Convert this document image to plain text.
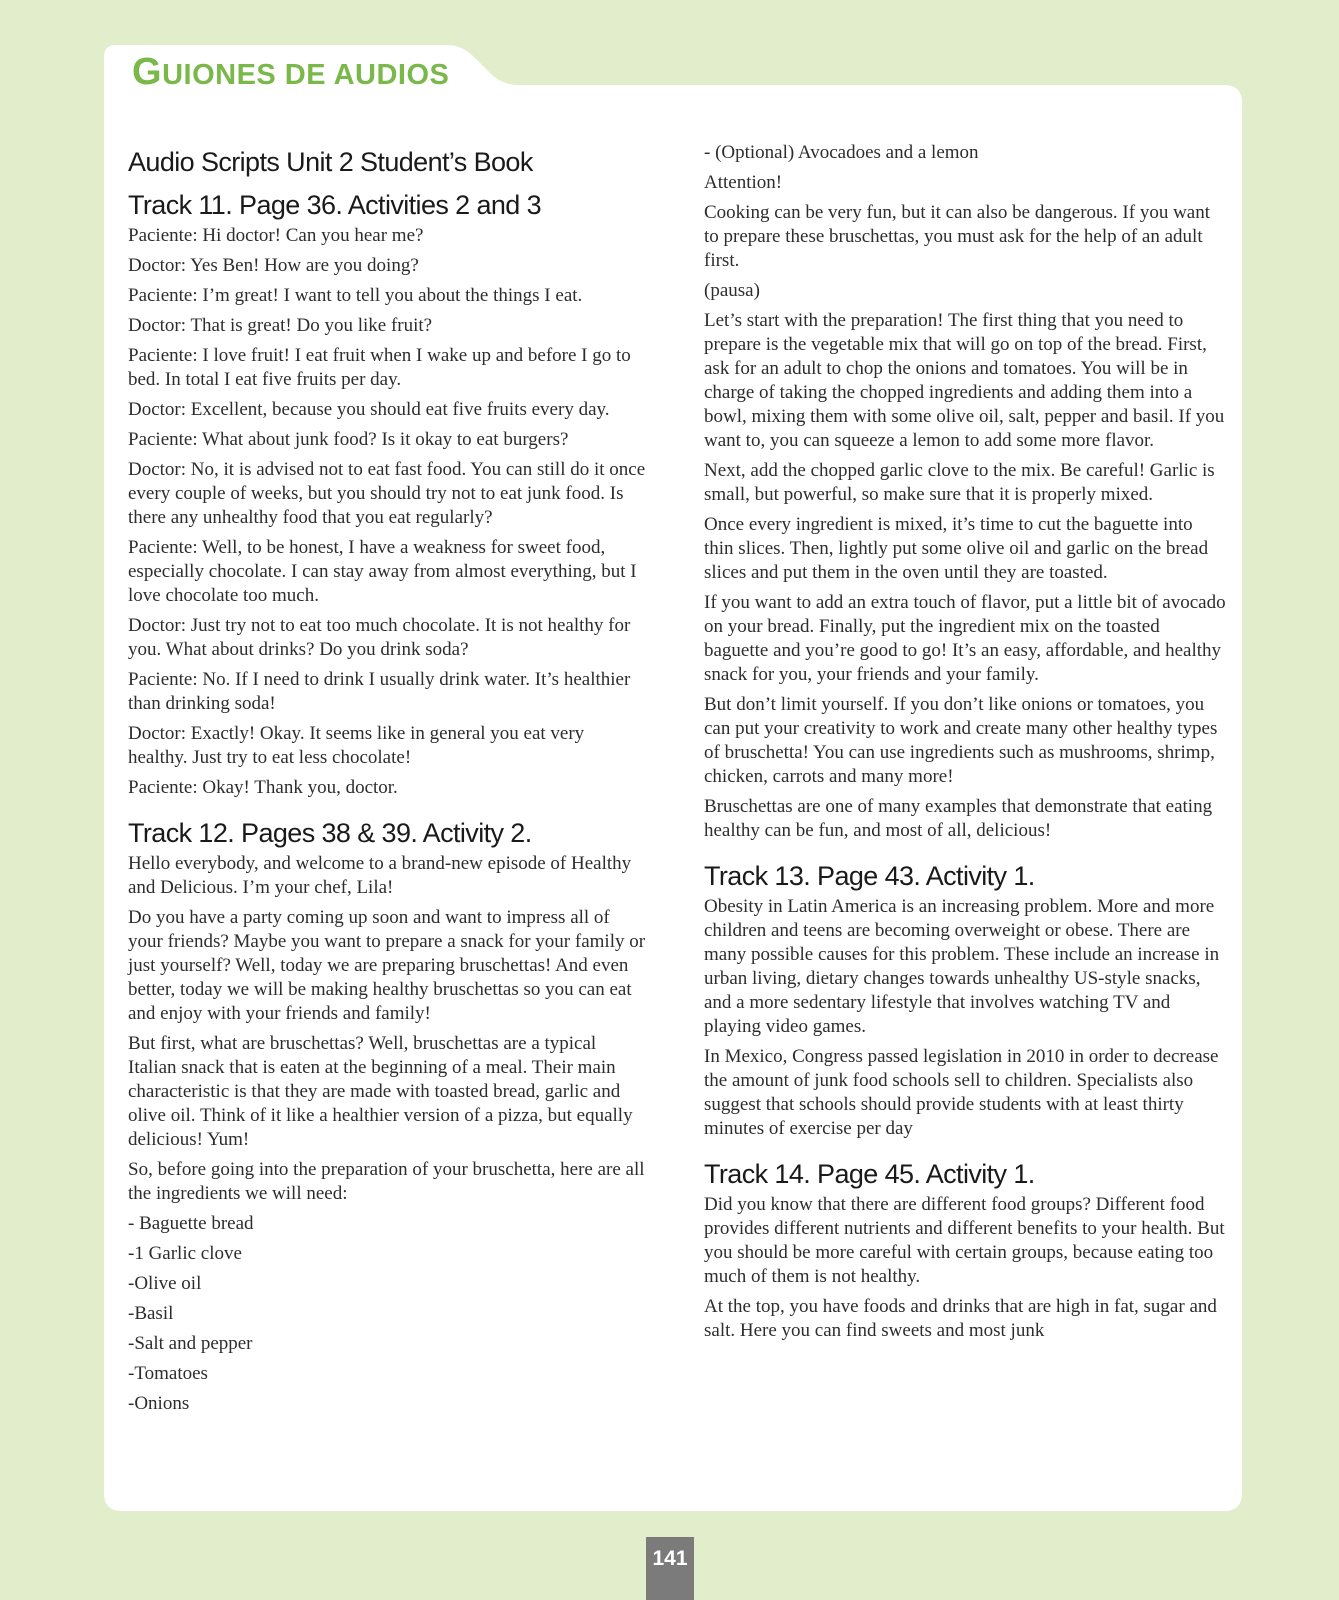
GUIONES DE AUDIOS
Audio Scripts Unit 2 Student’s Book
Track 11. Page 36. Activities 2 and 3

Paciente: Hi doctor! Can you hear me?

Doctor: Yes Ben! How are you doing?

Paciente: I’m great! I want to tell you about the things I eat.

Doctor: That is great! Do you like fruit?

Paciente: I love fruit! I eat fruit when I wake up and before I go to bed. In total I eat five fruits per day.

Doctor: Excellent, because you should eat five fruits every day.

Paciente: What about junk food? Is it okay to eat burgers?

Doctor: No, it is advised not to eat fast food. You can still do it once every couple of weeks, but you should try not to eat junk food. Is there any unhealthy food that you eat regularly?

Paciente: Well, to be honest, I have a weakness for sweet food, especially chocolate. I can stay away from almost everything, but I love chocolate too much.

Doctor: Just try not to eat too much chocolate. It is not healthy for you. What about drinks? Do you drink soda?

Paciente: No. If I need to drink I usually drink water. It’s healthier than drinking soda!

Doctor: Exactly! Okay. It seems like in general you eat very healthy. Just try to eat less chocolate!

Paciente: Okay! Thank you, doctor.

Track 12. Pages 38 & 39. Activity 2.

Hello everybody, and welcome to a brand-new episode of Healthy and Delicious. I’m your chef, Lila!

Do you have a party coming up soon and want to impress all of your friends? Maybe you want to prepare a snack for your family or just yourself? Well, today we are preparing bruschettas! And even better, today we will be making healthy bruschettas so you can eat and enjoy with your friends and family!

But first, what are bruschettas? Well, bruschettas are a typical Italian snack that is eaten at the beginning of a meal. Their main characteristic is that they are made with toasted bread, garlic and olive oil. Think of it like a healthier version of a pizza, but equally delicious! Yum!

So, before going into the preparation of your bruschetta, here are all the ingredients we will need:

- Baguette bread

-1 Garlic clove

-Olive oil

-Basil

-Salt and pepper

-Tomatoes

-Onions

- (Optional) Avocadoes and a lemon

Attention!

Cooking can be very fun, but it can also be dangerous. If you want to prepare these bruschettas, you must ask for the help of an adult first.

(pausa)

Let’s start with the preparation! The first thing that you need to prepare is the vegetable mix that will go on top of the bread. First, ask for an adult to chop the onions and tomatoes. You will be in charge of taking the chopped ingredients and adding them into a bowl, mixing them with some olive oil, salt, pepper and basil. If you want to, you can squeeze a lemon to add some more flavor.

Next, add the chopped garlic clove to the mix. Be careful! Garlic is small, but powerful, so make sure that it is properly mixed.

Once every ingredient is mixed, it’s time to cut the baguette into thin slices. Then, lightly put some olive oil and garlic on the bread slices and put them in the oven until they are toasted.

If you want to add an extra touch of flavor, put a little bit of avocado on your bread. Finally, put the ingredient mix on the toasted baguette and you’re good to go! It’s an easy, affordable, and healthy snack for you, your friends and your family.

But don’t limit yourself. If you don’t like onions or tomatoes, you can put your creativity to work and create many other healthy types of bruschetta! You can use ingredients such as mushrooms, shrimp, chicken, carrots and many more!

Bruschettas are one of many examples that demonstrate that eating healthy can be fun, and most of all, delicious!

Track 13. Page 43. Activity 1.

Obesity in Latin America is an increasing problem. More and more children and teens are becoming overweight or obese. There are many possible causes for this problem. These include an increase in urban living, dietary changes towards unhealthy US-style snacks, and a more sedentary lifestyle that involves watching TV and playing video games.

In Mexico, Congress passed legislation in 2010 in order to decrease the amount of junk food schools sell to children. Specialists also suggest that schools should provide students with at least thirty minutes of exercise per day

Track 14. Page 45. Activity 1.

Did you know that there are different food groups? Different food provides different nutrients and different benefits to your health. But you should be more careful with certain groups, because eating too much of them is not healthy.

At the top, you have foods and drinks that are high in fat, sugar and salt. Here you can find sweets and most junk

141
